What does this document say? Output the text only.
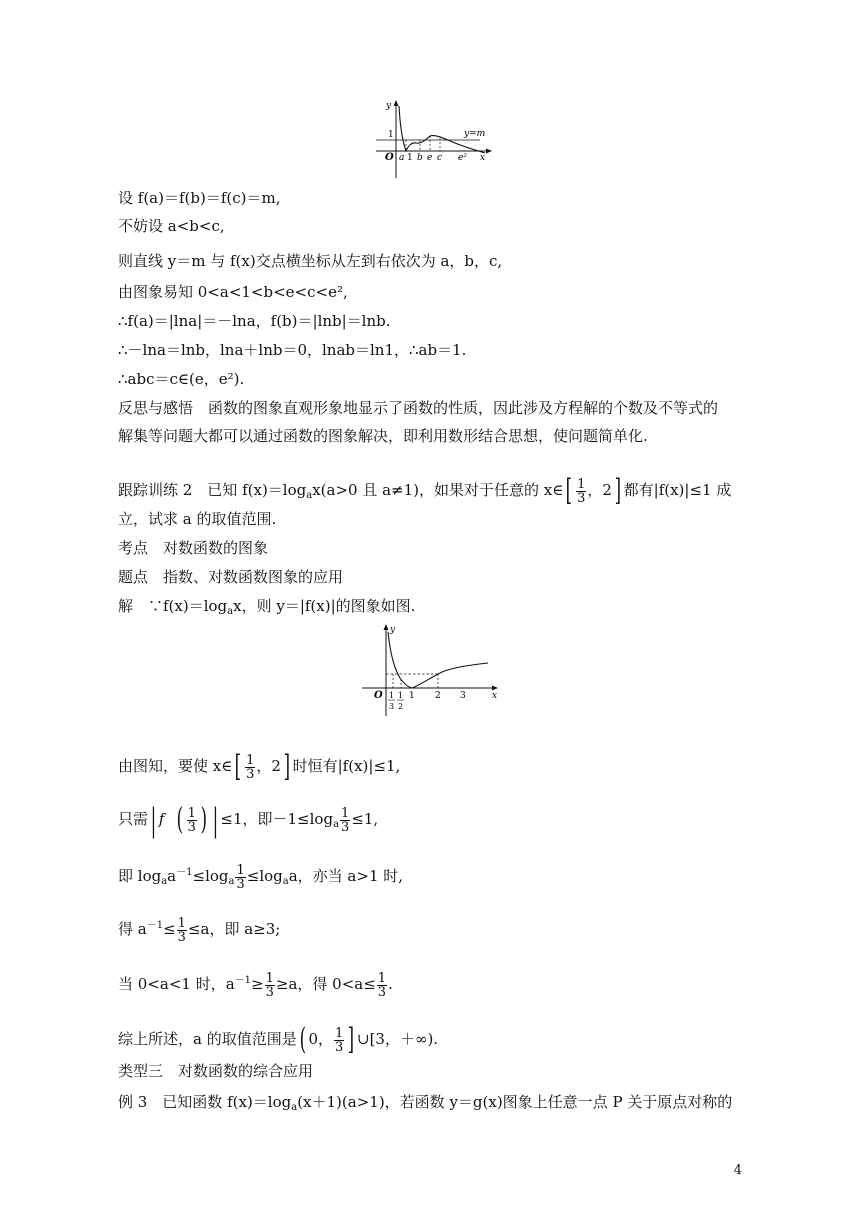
y
1	y=m
O a 1 b e c e² x
设 f(a)＝f(b)＝f(c)＝m,
不妨设 a<b<c,
则直线 y＝m 与 f(x)交点横坐标从左到右依次为 a，b，c,
由图象易知 0<a<1<b<e<c<e²,
∴f(a)＝|lna|＝－lna，f(b)＝|lnb|＝lnb.
∴－lna＝lnb，lna＋lnb＝0，lnab＝ln1，∴ab＝1.
∴abc＝c∈(e，e²).
反思与感悟　函数的图象直观形象地显示了函数的性质，因此涉及方程解的个数及不等式的
解集等问题大都可以通过函数的图象解决，即利用数形结合思想，使问题简单化.
跟踪训练 2　已知 $f(x)=\log_ax(a>0$ 且 a≠1)，如果对于任意的 x∈[ $\frac{1}{3}$ ，2] 都有|f(x)|≤1 成
立，试求 a 的取值范围.
考点　对数函数的图象
题点　指数、对数函数图象的应用
解　$\because f(x)=\log_ax$，则 y＝|f(x)|的图象如图.
y
O 1
3
1
2
1 2 3	x
由图知，要使 x∈[ $\frac{1}{3}$ ，2] 时恒有|f(x)|≤1,
只需| f ( $\frac{1}{3}$ ) | ≤1，即$-1\le\log_a \frac{1}{3} \le 1$,
即 $\log_aa^{-1}\le\log_a \frac{1}{3} \le\log_aa$，亦当 a>1 时,
得 $a^{-1}\le \frac{1}{3} \le a$，即 a≥3;
当 0<a<1 时，$a^{-1}\ge \frac{1}{3} \ge a$，得 $0<a\le \frac{1}{3}$ .
综上所述，a 的取值范围是( 0， $\frac{1}{3}$ ] ∪[3，＋∞).
类型三　对数函数的综合应用
例 3　已知函数 $f(x)=\log_a(x+1)(a>1)$，若函数 y＝g(x)图象上任意一点 P 关于原点对称的
4
